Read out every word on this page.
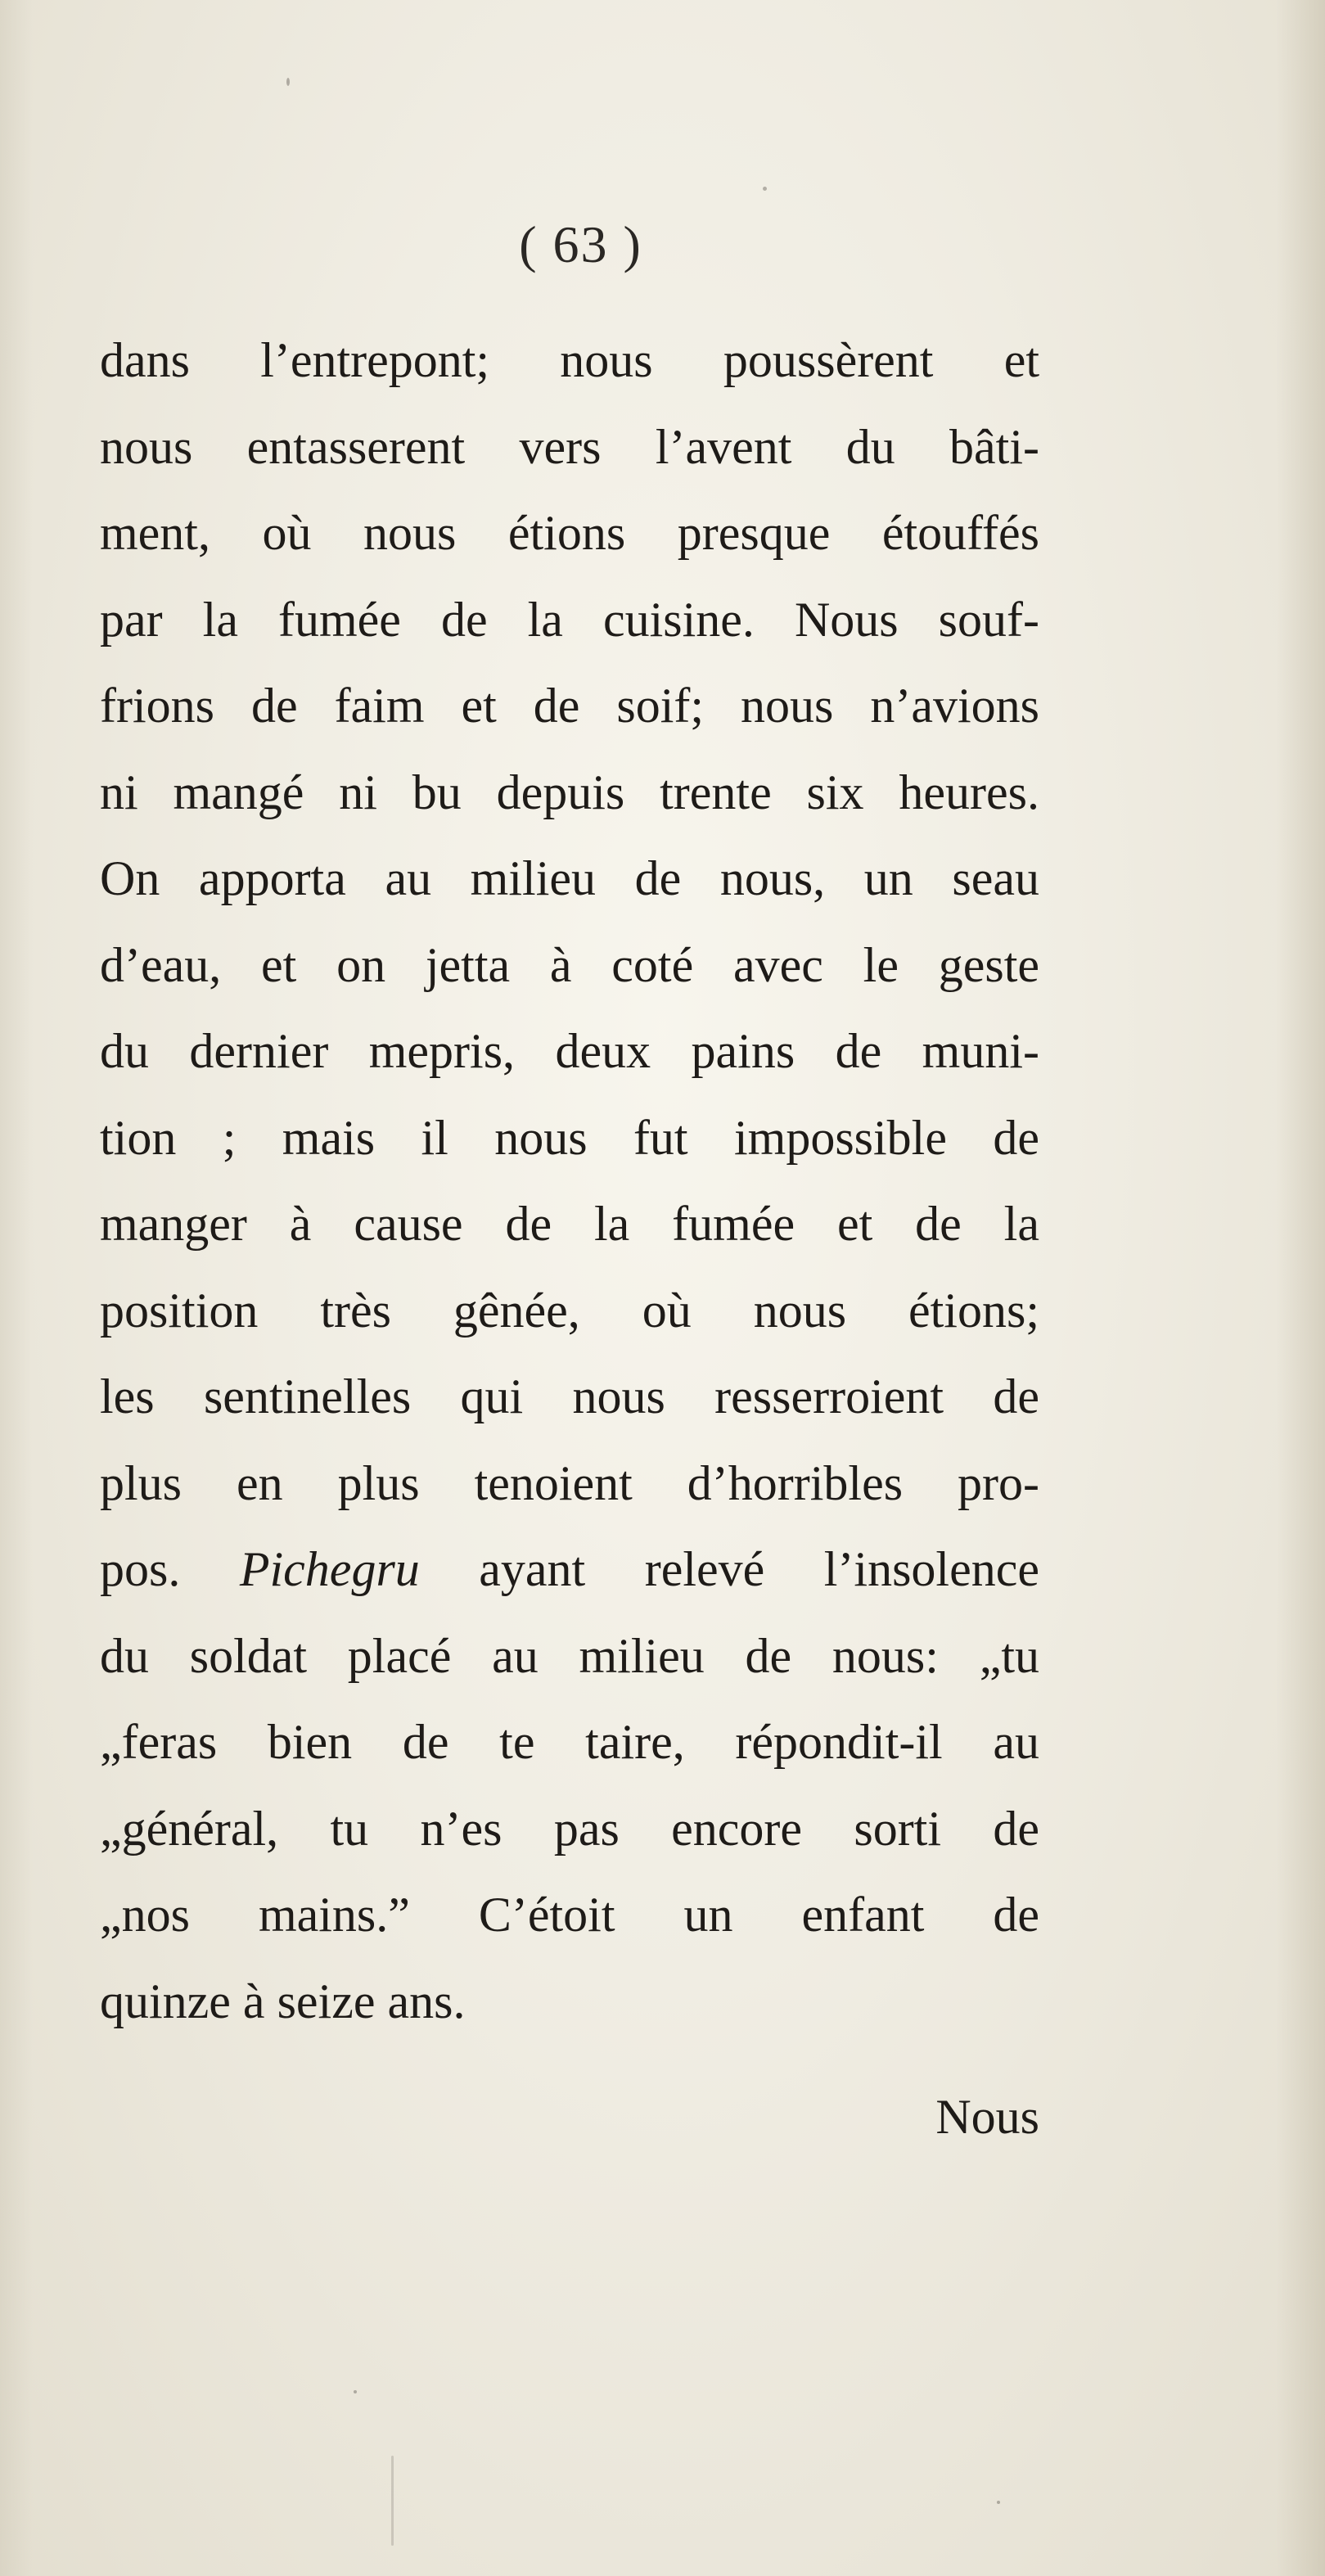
( 63 )
dans l’entrepont; nous poussèrent et
nous entasserent vers l’avent du bâti-
ment, où nous étions presque étouffés
par la fumée de la cuisine. Nous souf-
frions de faim et de soif; nous n’avions
ni mangé ni bu depuis trente six heures.
On apporta au milieu de nous, un seau
d’eau, et on jetta à coté avec le geste
du dernier mepris, deux pains de muni-
tion ; mais il nous fut impossible de
manger à cause de la fumée et de la
position très gênée, où nous étions;
les sentinelles qui nous resserroient de
plus en plus tenoient d’horribles pro-
pos. Pichegru ayant relevé l’insolence
du soldat placé au milieu de nous: „tu
„feras bien de te taire, répondit-il au
„général, tu n’es pas encore sorti de
„nos mains.” C’étoit un enfant de
quinze à seize ans.
Nous
